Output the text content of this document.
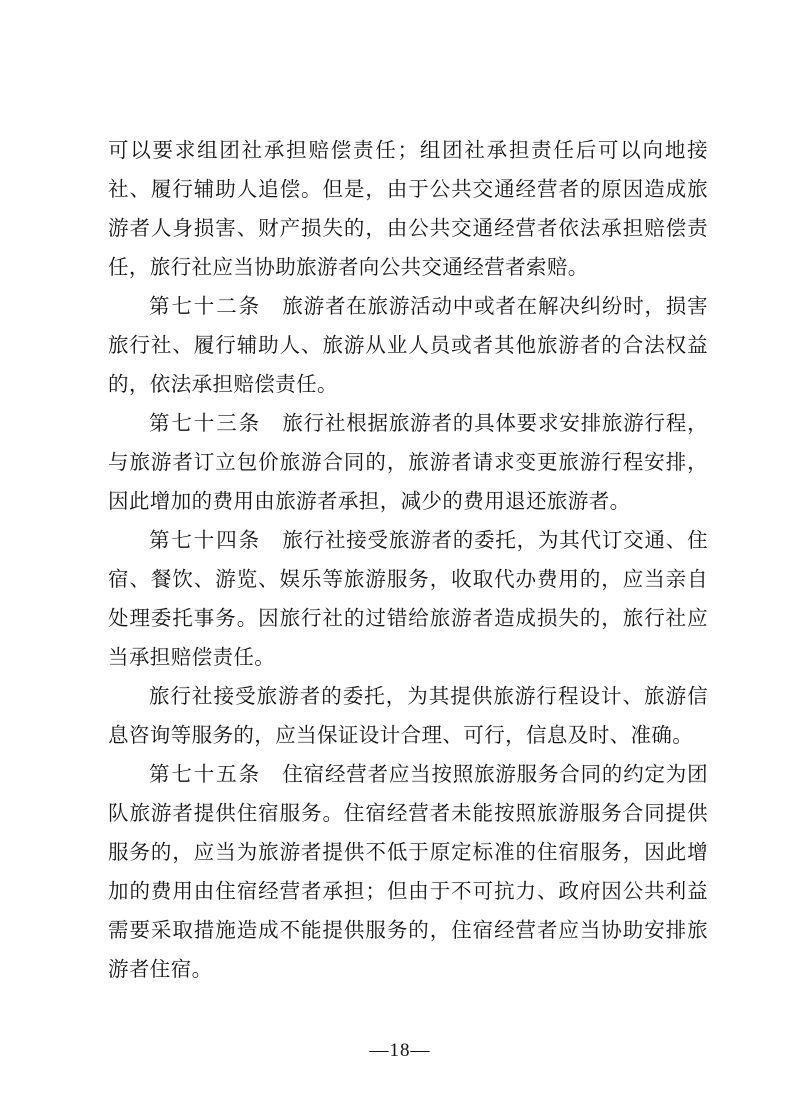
可以要求组团社承担赔偿责任；组团社承担责任后可以向地接社、履行辅助人追偿。但是，由于公共交通经营者的原因造成旅游者人身损害、财产损失的，由公共交通经营者依法承担赔偿责任，旅行社应当协助旅游者向公共交通经营者索赔。

第七十二条　旅游者在旅游活动中或者在解决纠纷时，损害旅行社、履行辅助人、旅游从业人员或者其他旅游者的合法权益的，依法承担赔偿责任。

第七十三条　旅行社根据旅游者的具体要求安排旅游行程，与旅游者订立包价旅游合同的，旅游者请求变更旅游行程安排，因此增加的费用由旅游者承担，减少的费用退还旅游者。

第七十四条　旅行社接受旅游者的委托，为其代订交通、住宿、餐饮、游览、娱乐等旅游服务，收取代办费用的，应当亲自处理委托事务。因旅行社的过错给旅游者造成损失的，旅行社应当承担赔偿责任。

旅行社接受旅游者的委托，为其提供旅游行程设计、旅游信息咨询等服务的，应当保证设计合理、可行，信息及时、准确。

第七十五条　住宿经营者应当按照旅游服务合同的约定为团队旅游者提供住宿服务。住宿经营者未能按照旅游服务合同提供服务的，应当为旅游者提供不低于原定标准的住宿服务，因此增加的费用由住宿经营者承担；但由于不可抗力、政府因公共利益需要采取措施造成不能提供服务的，住宿经营者应当协助安排旅游者住宿。

—18—
